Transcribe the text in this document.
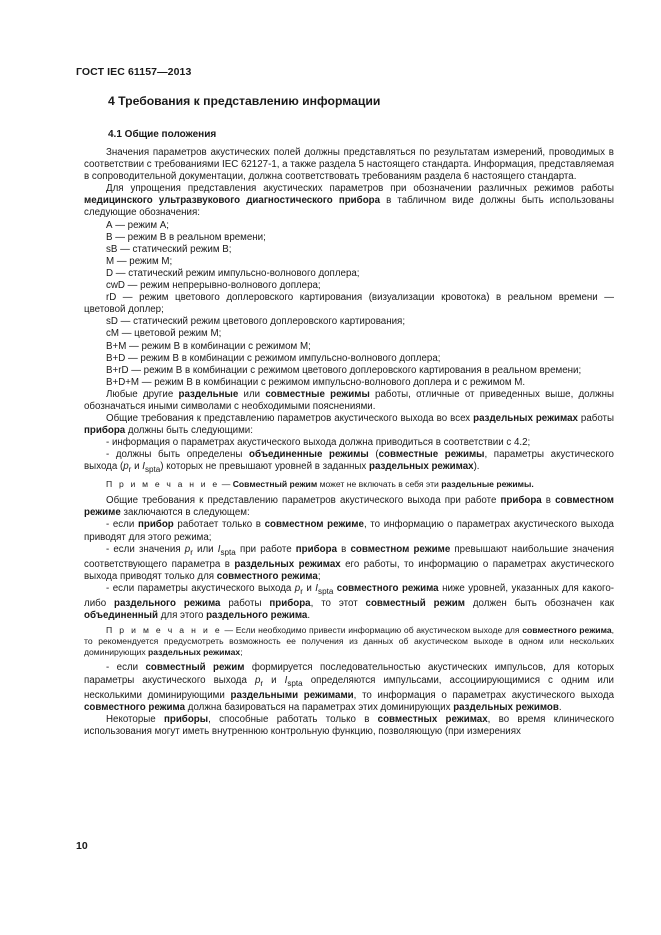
ГОСТ IEC 61157—2013
4 Требования к представлению информации
4.1 Общие положения

Значения параметров акустических полей должны представляться по результатам измерений, проводимых в соответствии с требованиями IEC 62127-1, а также раздела 5 настоящего стандарта. Информация, представляемая в сопроводительной документации, должна соответствовать требованиям раздела 6 настоящего стандарта.

Для упрощения представления акустических параметров при обозначении различных режимов работы медицинского ультразвукового диагностического прибора в табличном виде должны быть использованы следующие обозначения:

А — режим А;

В — режим В в реальном времени;

sВ — статический режим В;

М — режим М;

D — статический режим импульсно-волнового доплера;

cwD — режим непрерывно-волнового доплера;

rD — режим цветового доплеровского картирования (визуализации кровотока) в реальном времени — цветовой доплер;

sD — статический режим цветового доплеровского картирования;

cM — цветовой режим М;

В+М — режим В в комбинации с режимом М;

В+D — режим В в комбинации с режимом импульсно-волнового доплера;

В+rD — режим В в комбинации с режимом цветового доплеровского картирования в реальном времени;

В+D+М — режим В в комбинации с режимом импульсно-волнового доплера и с режимом М.

Любые другие раздельные или совместные режимы работы, отличные от приведенных выше, должны обозначаться иными символами с необходимыми пояснениями.

Общие требования к представлению параметров акустического выхода во всех раздельных режимах работы прибора должны быть следующими:

- информация о параметрах акустического выхода должна приводиться в соответствии с 4.2;

- должны быть определены объединенные режимы (совместные режимы, параметры акустического выхода ($p_r$ и $I_{spta}$) которых не превышают уровней в заданных раздельных режимах).

П р и м е ч а н и е — Совместный режим может не включать в себя эти раздельные режимы.

Общие требования к представлению параметров акустического выхода при работе прибора в совместном режиме заключаются в следующем:

- если прибор работает только в совместном режиме, то информацию о параметрах акустического выхода приводят для этого режима;

- если значения $p_r$ или $I_{spta}$ при работе прибора в совместном режиме превышают наибольшие значения соответствующего параметра в раздельных режимах его работы, то информацию о параметрах акустического выхода приводят только для совместного режима;

- если параметры акустического выхода $p_r$ и $I_{spta}$ совместного режима ниже уровней, указанных для какого-либо раздельного режима работы прибора, то этот совместный режим должен быть обозначен как объединенный для этого раздельного режима.

П р и м е ч а н и е — Если необходимо привести информацию об акустическом выходе для совместного режима, то рекомендуется предусмотреть возможность ее получения из данных об акустическом выходе в одном или нескольких доминирующих раздельных режимах;

- если совместный режим формируется последовательностью акустических импульсов, для которых параметры акустического выхода $p_r$ и $I_{spta}$ определяются импульсами, ассоциирующимися с одним или несколькими доминирующими раздельными режимами, то информация о параметрах акустического выхода совместного режима должна базироваться на параметрах этих доминирующих раздельных режимов.

Некоторые приборы, способные работать только в совместных режимах, во время клинического использования могут иметь внутреннюю контрольную функцию, позволяющую (при измерениях

10
